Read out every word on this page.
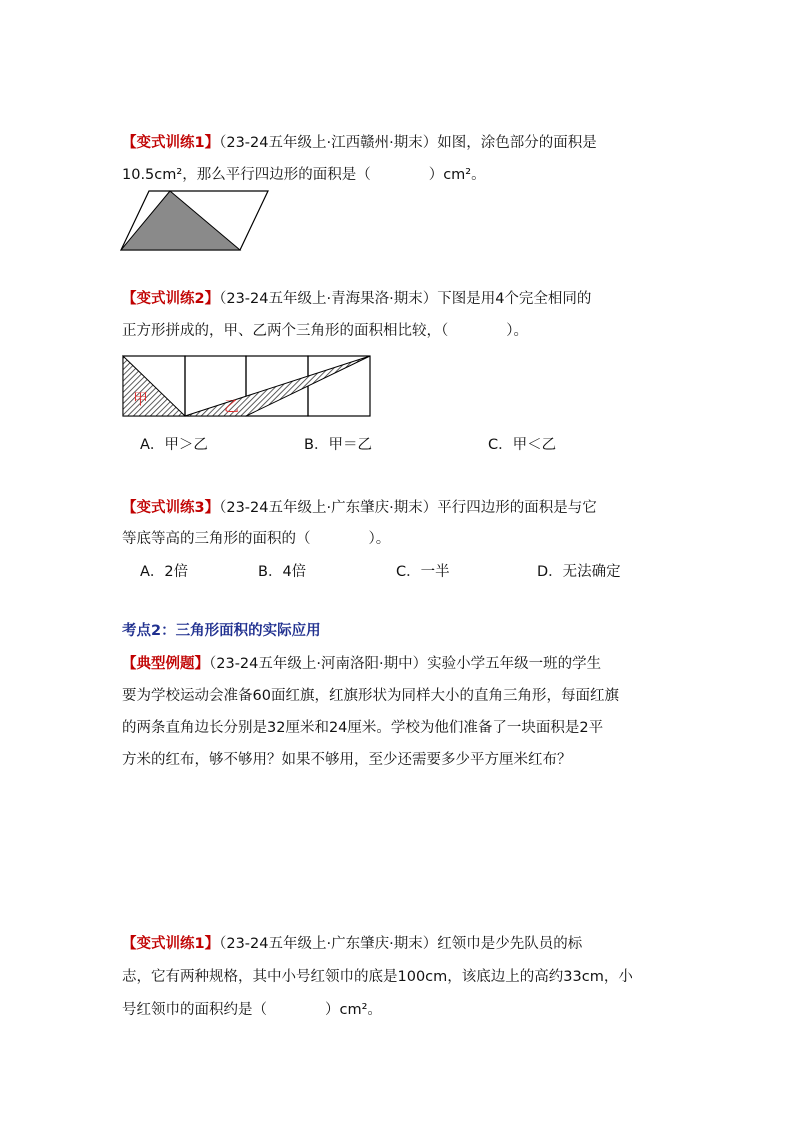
【变式训练1】（23-24五年级上·江西赣州·期末）如图，涂色部分的面积是
10.5cm²，那么平行四边形的面积是（　　　　）cm²。
【变式训练2】（23-24五年级上·青海果洛·期末）下图是用4个完全相同的
正方形拼成的，甲、乙两个三角形的面积相比较，（　　　　）。
甲	乙
A．甲＞乙	B．甲＝乙	C．甲＜乙
【变式训练3】（23-24五年级上·广东肇庆·期末）平行四边形的面积是与它
等底等高的三角形的面积的（　　　　）。
A．2倍	B．4倍	C．一半	D．无法确定
考点2：三角形面积的实际应用
【典型例题】（23-24五年级上·河南洛阳·期中）实验小学五年级一班的学生
要为学校运动会准备60面红旗，红旗形状为同样大小的直角三角形，每面红旗
的两条直角边长分别是32厘米和24厘米。学校为他们准备了一块面积是2平
方米的红布，够不够用？如果不够用，至少还需要多少平方厘米红布？
【变式训练1】（23-24五年级上·广东肇庆·期末）红领巾是少先队员的标
志，它有两种规格，其中小号红领巾的底是100cm，该底边上的高约33cm，小
号红领巾的面积约是（　　　　）cm²。
